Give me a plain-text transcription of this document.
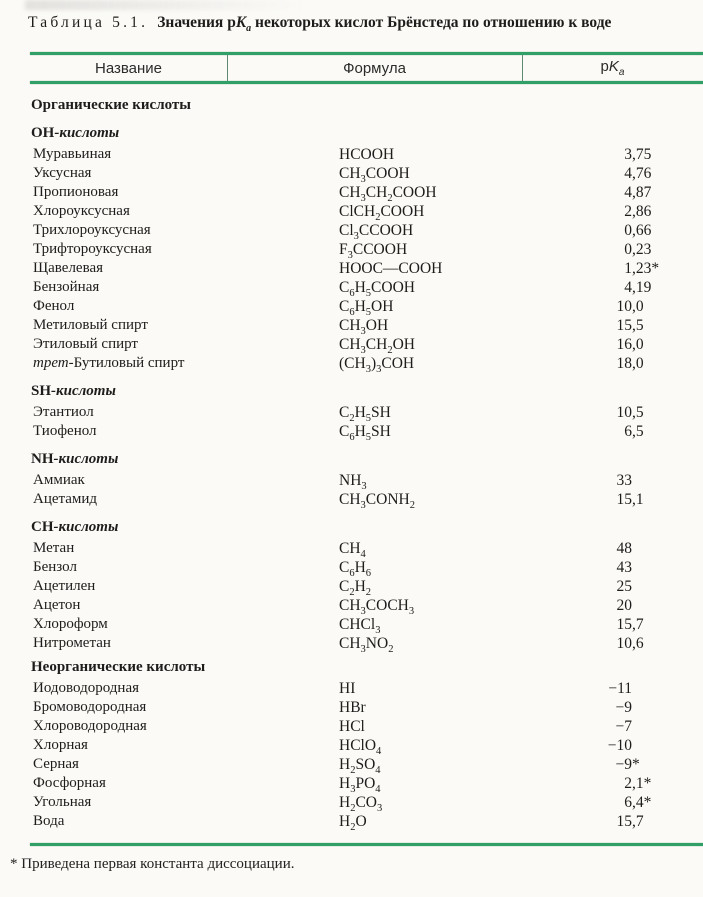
Таблица 5.1. Значения $pK_a$ некоторых кислот Брёнстеда по отношению к воде
Название	Формула	$pK_a$
Органические кислоты
ОН-кислоты
Муравьиная	HCOOH	3 ,75
Уксусная	$CH_3COOH$	4 ,76
Пропионовая	$CH_3CH_2COOH$	4 ,87
Хлороуксусная	ClCH$_2$COOH	2 ,86
Трихлороуксусная	$Cl_3CCOOH$	0 ,66
Трифтороуксусная	$F_3CCOOH$	0 ,23
Щавелевая	HOOC—COOH	1 ,23*
Бензойная	$C_6H_5COOH$	4 ,19
Фенол	$C_6H_5OH$	10 ,0
Метиловый спирт	$CH_3OH$	15 ,5
Этиловый спирт	$CH_3CH_2OH$	16 ,0
трет-Бутиловый спирт	$(CH_3)_3COH$	18 ,0
SH-кислоты
Этантиол	$C_2H_5SH$	10 ,5
Тиофенол	$C_6H_5SH$	6 ,5
NH-кислоты
Аммиак	$NH_3$	33
Ацетамид	$CH_3CONH_2$	15 ,1
СН-кислоты
Метан	$CH_4$	48
Бензол	$C_6H_6$	43
Ацетилен	$C_2H_2$	25
Ацетон	$CH_3COCH_3$	20
Хлороформ	CHCl$_3$	15 ,7
Нитрометан	$CH_3NO_2$	10 ,6
Неорганические кислоты
Иодоводородная	HI	−11
Бромоводородная	HBr	−9
Хлороводородная	HCl	−7
Хлорная	HClO$_4$	−10
Серная	$H_2SO_4$	−9 *
Фосфорная	$H_3PO_4$	2 ,1*
Угольная	$H_2CO_3$	6 ,4*
Вода	$H_2O$	15 ,7
* Приведена первая константа диссоциации.
